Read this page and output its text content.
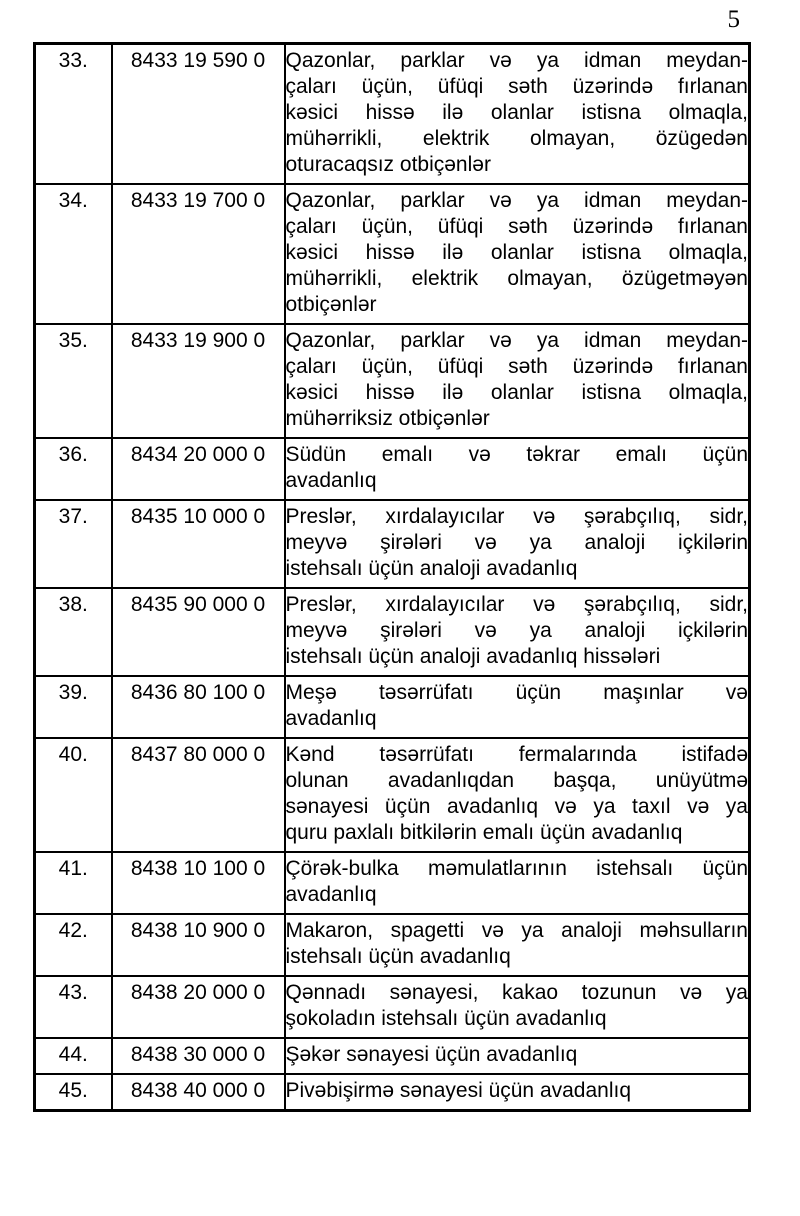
5
33.	8433 19 590 0	Qazonlar, parklar və ya idman meydan-
çaları üçün, üfüqi səth üzərində fırlanan
kəsici hissə ilə olanlar istisna olmaqla,
mühərrikli, elektrik olmayan, özügedən
oturacaqsız otbiçənlər

34.	8433 19 700 0	Qazonlar, parklar və ya idman meydan-
çaları üçün, üfüqi səth üzərində fırlanan
kəsici hissə ilə olanlar istisna olmaqla,
mühərrikli, elektrik olmayan, özügetməyən
otbiçənlər

35.	8433 19 900 0	Qazonlar, parklar və ya idman meydan-
çaları üçün, üfüqi səth üzərində fırlanan
kəsici hissə ilə olanlar istisna olmaqla,
mühərriksiz otbiçənlər

36.	8434 20 000 0	Südün emalı və təkrar emalı üçün
avadanlıq

37.	8435 10 000 0	Preslər, xırdalayıcılar və şərabçılıq, sidr,
meyvə şirələri və ya analoji içkilərin
istehsalı üçün analoji avadanlıq

38.	8435 90 000 0	Preslər, xırdalayıcılar və şərabçılıq, sidr,
meyvə şirələri və ya analoji içkilərin
istehsalı üçün analoji avadanlıq hissələri

39.	8436 80 100 0	Meşə təsərrüfatı üçün maşınlar və
avadanlıq

40.	8437 80 000 0	Kənd təsərrüfatı fermalarında istifadə
olunan avadanlıqdan başqa, unüyütmə
sənayesi üçün avadanlıq və ya taxıl və ya
quru paxlalı bitkilərin emalı üçün avadanlıq

41.	8438 10 100 0	Çörək-bulka məmulatlarının istehsalı üçün
avadanlıq

42.	8438 10 900 0	Makaron, spagetti və ya analoji məhsulların
istehsalı üçün avadanlıq

43.	8438 20 000 0	Qənnadı sənayesi, kakao tozunun və ya
şokoladın istehsalı üçün avadanlıq

44.	8438 30 000 0	Şəkər sənayesi üçün avadanlıq

45.	8438 40 000 0	Pivəbişirmə sənayesi üçün avadanlıq
